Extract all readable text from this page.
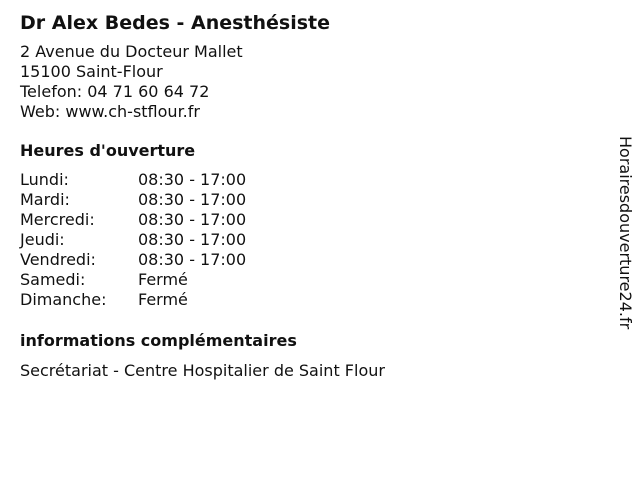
Dr Alex Bedes - Anesthésiste
2 Avenue du Docteur Mallet
15100 Saint-Flour
Telefon: 04 71 60 64 72
Web: www.ch-stflour.fr
Heures d'ouverture
Lundi:	08:30 - 17:00
Mardi:	08:30 - 17:00
Mercredi:	08:30 - 17:00
Jeudi:	08:30 - 17:00
Vendredi:	08:30 - 17:00
Samedi:	Fermé
Dimanche:	Fermé
informations complémentaires
Secrétariat - Centre Hospitalier de Saint Flour
Horairesdouverture24.fr
